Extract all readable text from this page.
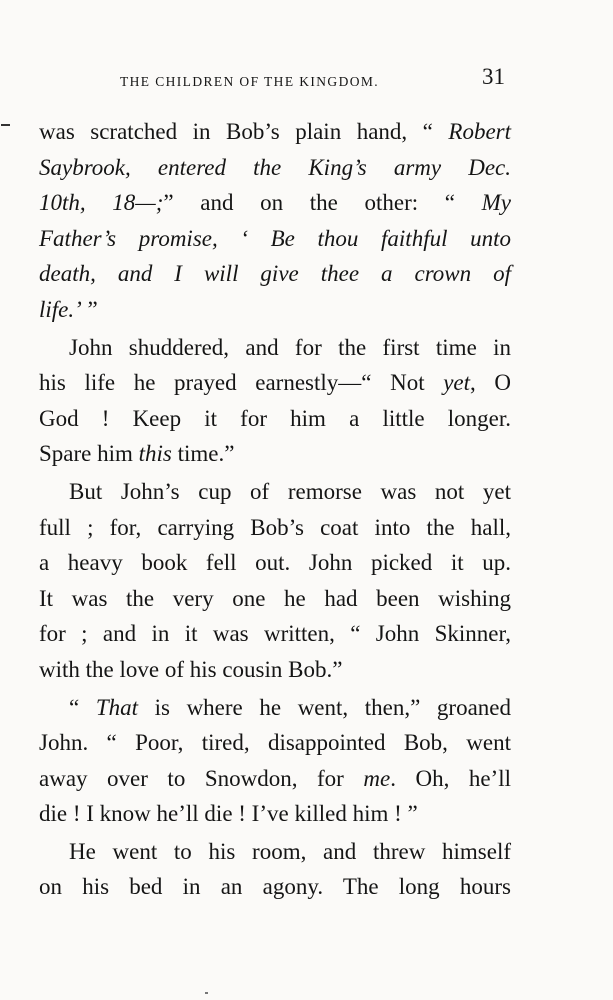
THE CHILDREN OF THE KINGDOM.	31
was scratched in Bob’s plain hand, “ Robert
Saybrook, entered the King’s army Dec.
10th, 18—;” and on the other: “ My
Father’s promise, ‘ Be thou faithful unto
death, and I will give thee a crown of
life.’ ”
John shuddered, and for the first time in
his life he prayed earnestly—“ Not yet, O
God ! Keep it for him a little longer.
Spare him this time.”
But John’s cup of remorse was not yet
full ; for, carrying Bob’s coat into the hall,
a heavy book fell out. John picked it up.
It was the very one he had been wishing
for ; and in it was written, “ John Skinner,
with the love of his cousin Bob.”
“ That is where he went, then,” groaned
John. “ Poor, tired, disappointed Bob, went
away over to Snowdon, for me. Oh, he’ll
die ! I know he’ll die ! I’ve killed him ! ”
He went to his room, and threw himself
on his bed in an agony. The long hours
